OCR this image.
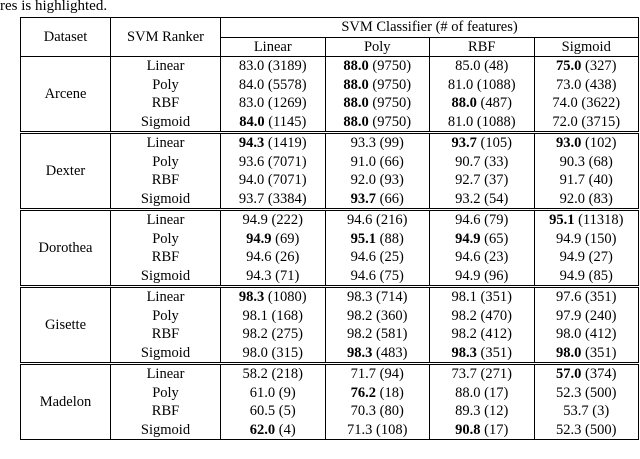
res is highlighted.
Dataset	SVM Ranker	SVM Classifier (# of features)			
		Linear	Poly	RBF	Sigmoid
Arcene	Linear	83.0 (3189)	88.0 (9750)	85.0 (48)	75.0 (327)
	Poly	84.0 (5578)	88.0 (9750)	81.0 (1088)	73.0 (438)
	RBF	83.0 (1269)	88.0 (9750)	88.0 (487)	74.0 (3622)
	Sigmoid	84.0 (1145)	88.0 (9750)	81.0 (1088)	72.0 (3715)
Dexter	Linear	94.3 (1419)	93.3 (99)	93.7 (105)	93.0 (102)
	Poly	93.6 (7071)	91.0 (66)	90.7 (33)	90.3 (68)
	RBF	94.0 (7071)	92.0 (93)	92.7 (37)	91.7 (40)
	Sigmoid	93.7 (3384)	93.7 (66)	93.2 (54)	92.0 (83)
Dorothea	Linear	94.9 (222)	94.6 (216)	94.6 (79)	95.1 (11318)
	Poly	94.9 (69)	95.1 (88)	94.9 (65)	94.9 (150)
	RBF	94.6 (26)	94.6 (25)	94.6 (23)	94.9 (27)
	Sigmoid	94.3 (71)	94.6 (75)	94.9 (96)	94.9 (85)
Gisette	Linear	98.3 (1080)	98.3 (714)	98.1 (351)	97.6 (351)
	Poly	98.1 (168)	98.2 (360)	98.2 (470)	97.9 (240)
	RBF	98.2 (275)	98.2 (581)	98.2 (412)	98.0 (412)
	Sigmoid	98.0 (315)	98.3 (483)	98.3 (351)	98.0 (351)
Madelon	Linear	58.2 (218)	71.7 (94)	73.7 (271)	57.0 (374)
	Poly	61.0 (9)	76.2 (18)	88.0 (17)	52.3 (500)
	RBF	60.5 (5)	70.3 (80)	89.3 (12)	53.7 (3)
	Sigmoid	62.0 (4)	71.3 (108)	90.8 (17)	52.3 (500)
